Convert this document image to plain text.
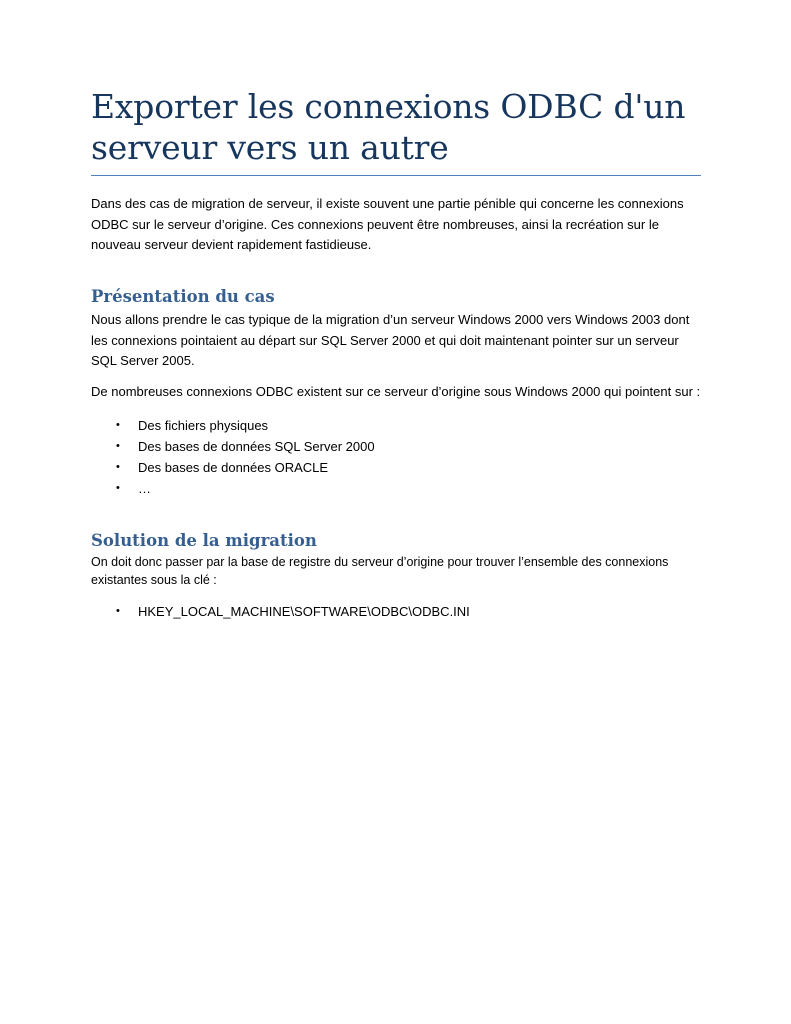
Exporter les connexions ODBC d'un serveur vers un autre

Dans des cas de migration de serveur, il existe souvent une partie pénible qui concerne les connexions ODBC sur le serveur d’origine. Ces connexions peuvent être nombreuses, ainsi la recréation sur le nouveau serveur devient rapidement fastidieuse.

Présentation du cas

Nous allons prendre le cas typique de la migration d’un serveur Windows 2000 vers Windows 2003 dont les connexions pointaient au départ sur SQL Server 2000 et qui doit maintenant pointer sur un serveur SQL Server 2005.

De nombreuses connexions ODBC existent sur ce serveur d’origine sous Windows 2000 qui pointent sur :

• Des fichiers physiques
• Des bases de données SQL Server 2000
• Des bases de données ORACLE
• …
Solution de la migration

On doit donc passer par la base de registre du serveur d’origine pour trouver l’ensemble des connexions existantes sous la clé :

• HKEY_LOCAL_MACHINE\SOFTWARE\ODBC\ODBC.INI
